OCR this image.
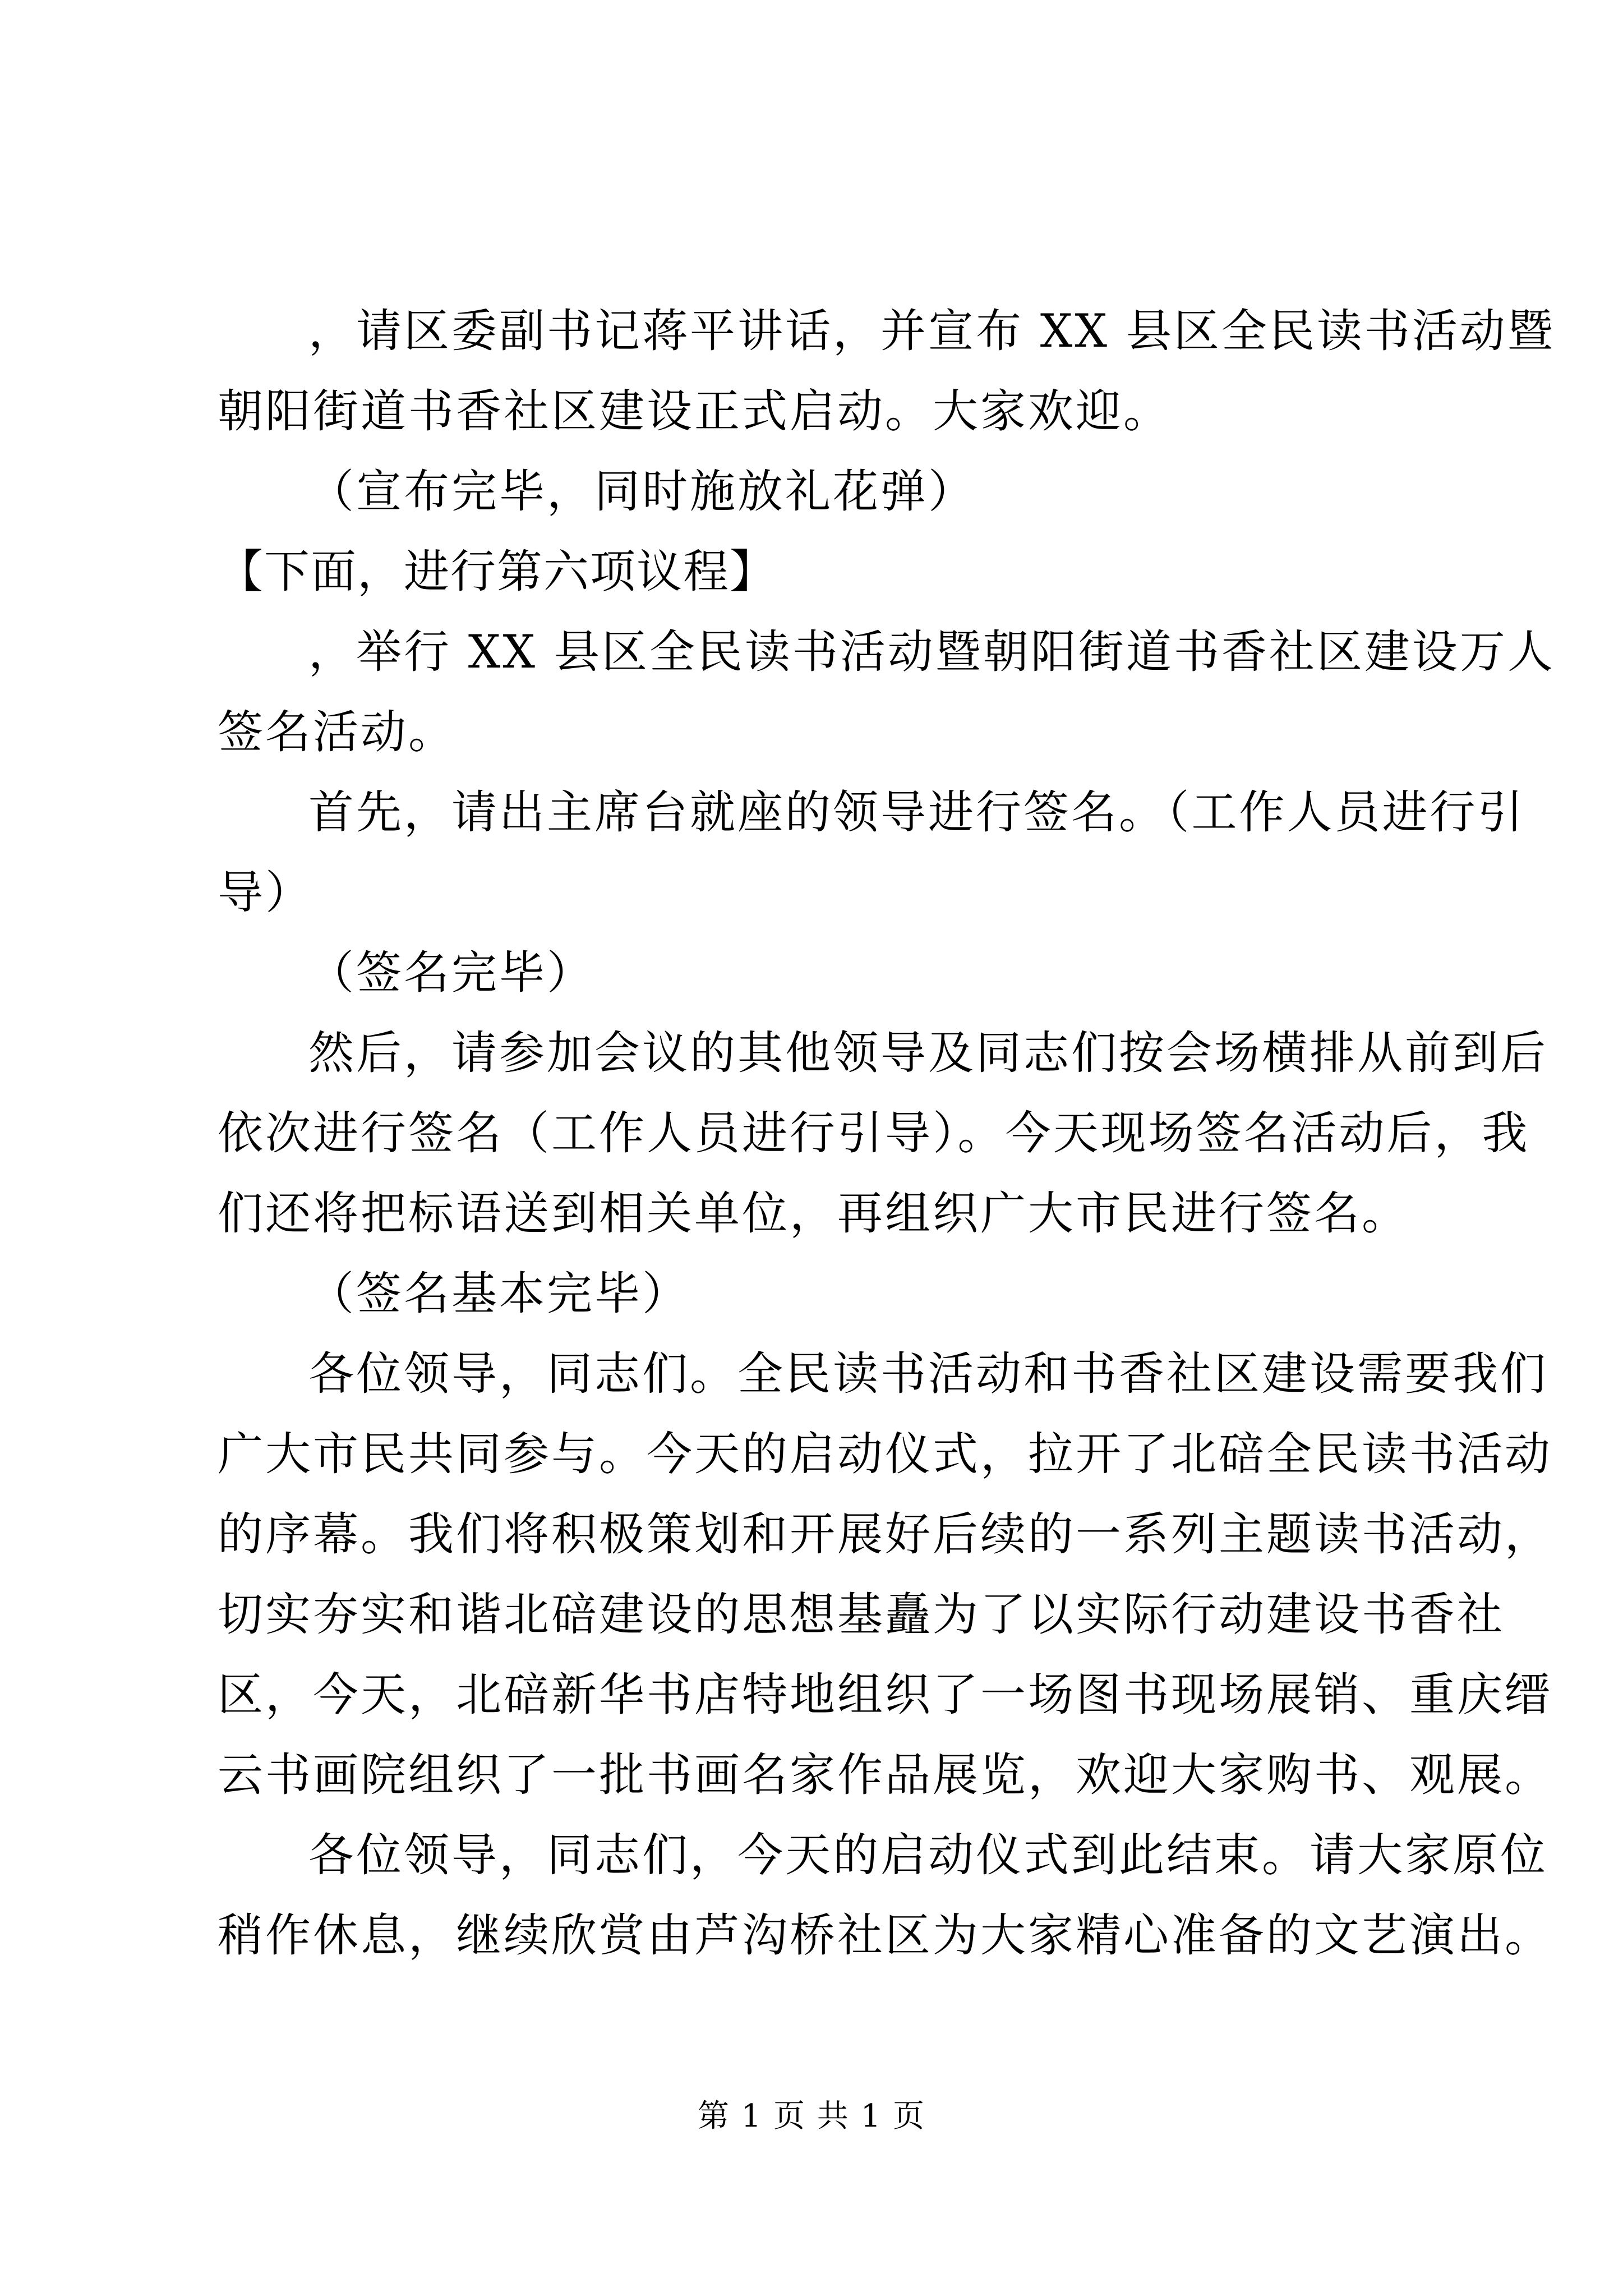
，请区委副书记蒋平讲话，并宣布 XX 县区全民读书活动暨

朝阳街道书香社区建设正式启动。大家欢迎。

（宣布完毕，同时施放礼花弹）

【下面，进行第六项议程】

，举行 XX 县区全民读书活动暨朝阳街道书香社区建设万人

签名活动。

首先，请出主席台就座的领导进行签名。（工作人员进行引

导）

（签名完毕）

然后，请参加会议的其他领导及同志们按会场横排从前到后

依次进行签名（工作人员进行引导）。今天现场签名活动后，我

们还将把标语送到相关单位，再组织广大市民进行签名。

（签名基本完毕）

各位领导，同志们。全民读书活动和书香社区建设需要我们

广大市民共同参与。今天的启动仪式，拉开了北碚全民读书活动

的序幕。我们将积极策划和开展好后续的一系列主题读书活动，

切实夯实和谐北碚建设的思想基矗为了以实际行动建设书香社

区，今天，北碚新华书店特地组织了一场图书现场展销、重庆缙

云书画院组织了一批书画名家作品展览，欢迎大家购书、观展。

各位领导，同志们，今天的启动仪式到此结束。请大家原位

稍作休息，继续欣赏由芦沟桥社区为大家精心准备的文艺演出。

第 1 页 共 1 页
